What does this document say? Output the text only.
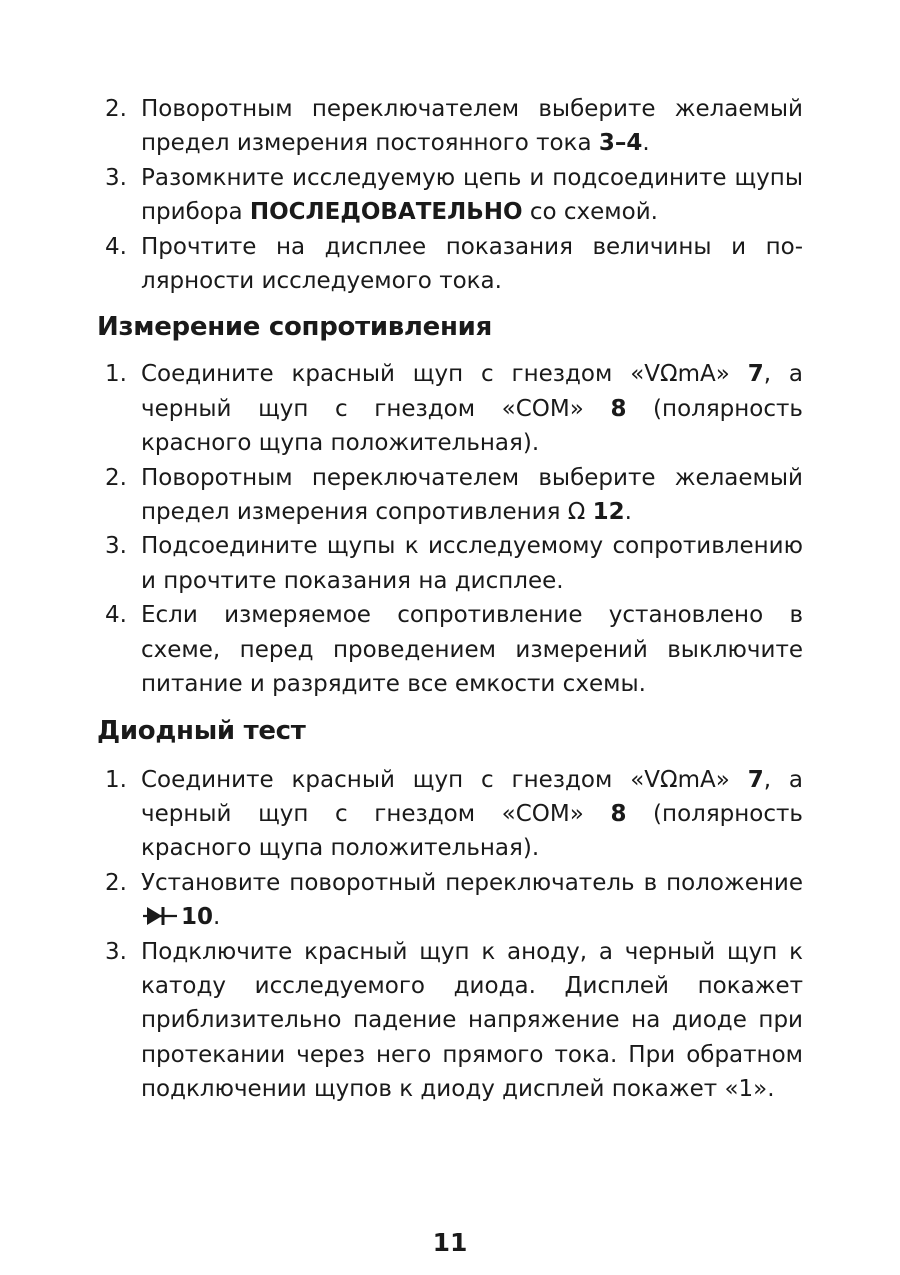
2. Поворотным переключателем выберите желаемый предел измерения постоянного тока 3–4.
3. Разомкните исследуемую цепь и подсоедините щупы прибора ПОСЛЕДОВАТЕЛЬНО со схемой.
4. Прочтите на дисплее показания величины и полярности исследуемого тока.
Измерение сопротивления
1. Соедините красный щуп с гнездом «VΩmA» 7, а черный щуп с гнездом «COM» 8 (полярность красного щупа положительная).
2. Поворотным переключателем выберите желаемый предел измерения сопротивления Ω 12.
3. Подсоедините щупы к исследуемому сопротивлению и прочтите показания на дисплее.
4. Если измеряемое сопротивление установлено в схеме, перед проведением измерений выключите питание и разрядите все емкости схемы.
Диодный тест
1. Соедините красный щуп с гнездом «VΩmA» 7, а черный щуп с гнездом «COM» 8 (полярность красного щупа положительная).
2. Установите поворотный переключатель в положение 10.
3. Подключите красный щуп к аноду, а черный щуп к катоду исследуемого диода. Дисплей покажет приблизительно падение напряжение на диоде при протекании через него прямого тока. При обратном подключении щупов к диоду дисплей покажет «1».
11
